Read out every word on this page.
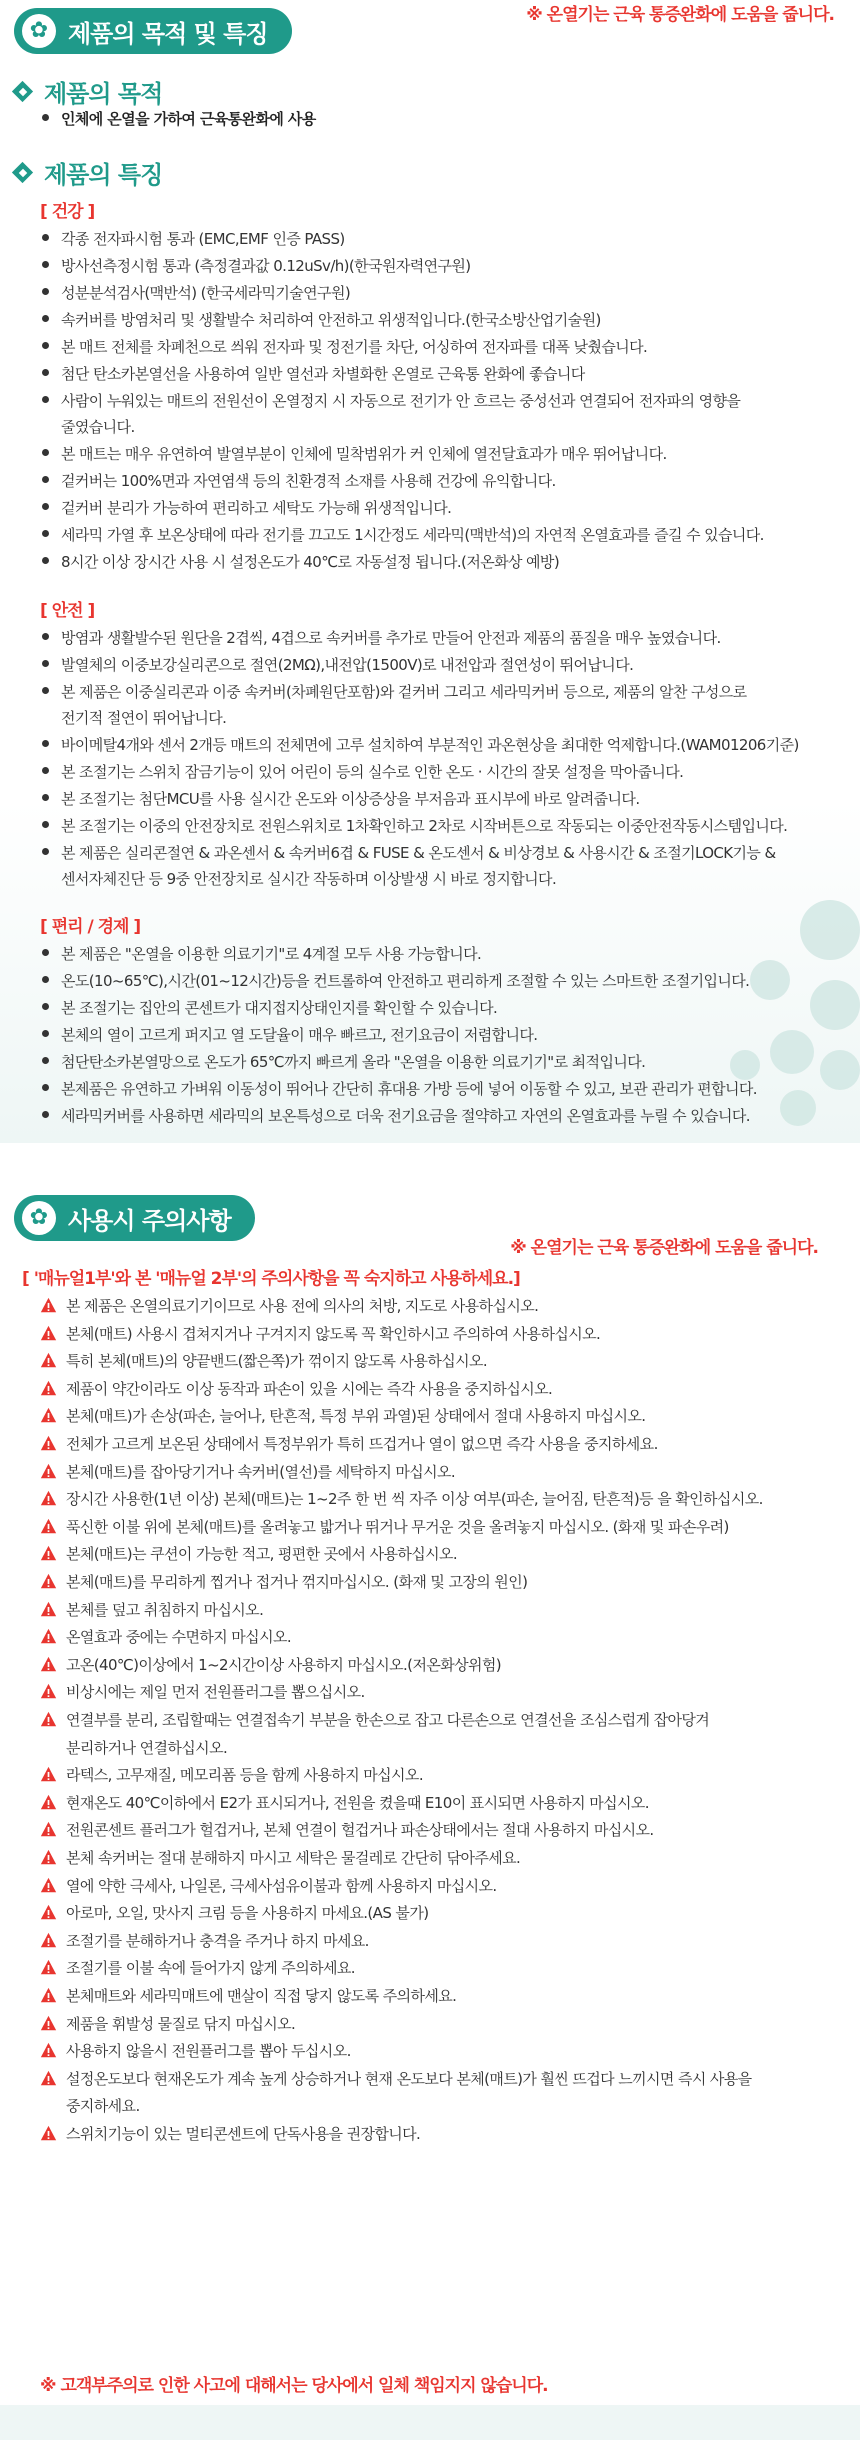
✿ 제품의 목적 및 특징
※ 온열기는 근육 통증완화에 도움을 줍니다.
제품의 목적
인체에 온열을 가하여 근육통완화에 사용
제품의 특징
[ 건강 ]
각종 전자파시험 통과 (EMC,EMF 인증 PASS)
방사선측정시험 통과 (측정결과값 0.12uSv/h)(한국원자력연구원)
성분분석검사(맥반석) (한국세라믹기술연구원)
속커버를 방염처리 및 생활발수 처리하여 안전하고 위생적입니다.(한국소방산업기술원)
본 매트 전체를 차폐천으로 씌워 전자파 및 정전기를 차단, 어싱하여 전자파를 대폭 낮췄습니다.
첨단 탄소카본열선을 사용하여 일반 열선과 차별화한 온열로 근육통 완화에 좋습니다
사람이 누워있는 매트의 전원선이 온열정지 시 자동으로 전기가 안 흐르는 중성선과 연결되어 전자파의 영향을
줄였습니다.
본 매트는 매우 유연하여 발열부분이 인체에 밀착범위가 커 인체에 열전달효과가 매우 뛰어납니다.
겉커버는 100%면과 자연염색 등의 친환경적 소재를 사용해 건강에 유익합니다.
겉커버 분리가 가능하여 편리하고 세탁도 가능해 위생적입니다.
세라믹 가열 후 보온상태에 따라 전기를 끄고도 1시간정도 세라믹(맥반석)의 자연적 온열효과를 즐길 수 있습니다.
8시간 이상 장시간 사용 시 설정온도가 40℃로 자동설정 됩니다.(저온화상 예방)
[ 안전 ]
방염과 생활발수된 원단을 2겹씩, 4겹으로 속커버를 추가로 만들어 안전과 제품의 품질을 매우 높였습니다.
발열체의 이중보강실리콘으로 절연(2MΩ),내전압(1500V)로 내전압과 절연성이 뛰어납니다.
본 제품은 이중실리콘과 이중 속커버(차폐원단포함)와 겉커버 그리고 세라믹커버 등으로, 제품의 알찬 구성으로
전기적 절연이 뛰어납니다.
바이메탈4개와 센서 2개등 매트의 전체면에 고루 설치하여 부분적인 과온현상을 최대한 억제합니다.(WAM01206기준)
본 조절기는 스위치 잠금기능이 있어 어린이 등의 실수로 인한 온도 · 시간의 잘못 설정을 막아줍니다.
본 조절기는 첨단MCU를 사용 실시간 온도와 이상증상을 부저음과 표시부에 바로 알려줍니다.
본 조절기는 이중의 안전장치로 전원스위치로 1차확인하고 2차로 시작버튼으로 작동되는 이중안전작동시스템입니다.
본 제품은 실리콘절연 & 과온센서 & 속커버6겹 & FUSE & 온도센서 & 비상경보 & 사용시간 & 조절기LOCK기능 &
센서자체진단 등 9중 안전장치로 실시간 작동하며 이상발생 시 바로 정지합니다.
[ 편리 / 경제 ]
본 제품은 "온열을 이용한 의료기기"로 4계절 모두 사용 가능합니다.
온도(10~65℃),시간(01~12시간)등을 컨트롤하여 안전하고 편리하게 조절할 수 있는 스마트한 조절기입니다.
본 조절기는 집안의 콘센트가 대지접지상태인지를 확인할 수 있습니다.
본체의 열이 고르게 퍼지고 열 도달율이 매우 빠르고, 전기요금이 저렴합니다.
첨단탄소카본열망으로 온도가 65℃까지 빠르게 올라 "온열을 이용한 의료기기"로 최적입니다.
본제품은 유연하고 가벼워 이동성이 뛰어나 간단히 휴대용 가방 등에 넣어 이동할 수 있고, 보관 관리가 편합니다.
세라믹커버를 사용하면 세라믹의 보온특성으로 더욱 전기요금을 절약하고 자연의 온열효과를 누릴 수 있습니다.
✿ 사용시 주의사항
※ 온열기는 근육 통증완화에 도움을 줍니다.
[ '매뉴얼1부'와 본 '매뉴얼 2부'의 주의사항을 꼭 숙지하고 사용하세요.]
본 제품은 온열의료기기이므로 사용 전에 의사의 처방, 지도로 사용하십시오.
본체(매트) 사용시 겹쳐지거나 구겨지지 않도록 꼭 확인하시고 주의하여 사용하십시오.
특히 본체(매트)의 양끝밴드(짧은쪽)가 꺾이지 않도록 사용하십시오.
제품이 약간이라도 이상 동작과 파손이 있을 시에는 즉각 사용을 중지하십시오.
본체(매트)가 손상(파손, 늘어나, 탄흔적, 특정 부위 과열)된 상태에서 절대 사용하지 마십시오.
전체가 고르게 보온된 상태에서 특정부위가 특히 뜨겁거나 열이 없으면 즉각 사용을 중지하세요.
본체(매트)를 잡아당기거나 속커버(열선)를 세탁하지 마십시오.
장시간 사용한(1년 이상) 본체(매트)는 1~2주 한 번 씩 자주 이상 여부(파손, 늘어짐, 탄흔적)등 을 확인하십시오.
푹신한 이불 위에 본체(매트)를 올려놓고 밟거나 뛰거나 무거운 것을 올려놓지 마십시오. (화재 및 파손우려)
본체(매트)는 쿠션이 가능한 적고, 평편한 곳에서 사용하십시오.
본체(매트)를 무리하게 찝거나 접거나 꺾지마십시오. (화재 및 고장의 원인)
본체를 덮고 취침하지 마십시오.
온열효과 중에는 수면하지 마십시오.
고온(40℃)이상에서 1~2시간이상 사용하지 마십시오.(저온화상위험)
비상시에는 제일 먼저 전원플러그를 뽑으십시오.
연결부를 분리, 조립할때는 연결접속기 부분을 한손으로 잡고 다른손으로 연결선을 조심스럽게 잡아당겨
분리하거나 연결하십시오.
라텍스, 고무재질, 메모리폼 등을 함께 사용하지 마십시오.
현재온도 40℃이하에서 E2가 표시되거나, 전원을 켰을때 E10이 표시되면 사용하지 마십시오.
전원콘센트 플러그가 헐겁거나, 본체 연결이 헐겁거나 파손상태에서는 절대 사용하지 마십시오.
본체 속커버는 절대 분해하지 마시고 세탁은 물걸레로 간단히 닦아주세요.
열에 약한 극세사, 나일론, 극세사섬유이불과 함께 사용하지 마십시오.
아로마, 오일, 맛사지 크림 등을 사용하지 마세요.(AS 불가)
조절기를 분해하거나 충격을 주거나 하지 마세요.
조절기를 이불 속에 들어가지 않게 주의하세요.
본체매트와 세라믹매트에 맨살이 직접 닿지 않도록 주의하세요.
제품을 휘발성 물질로 닦지 마십시오.
사용하지 않을시 전원플러그를 뽑아 두십시오.
설정온도보다 현재온도가 계속 높게 상승하거나 현재 온도보다 본체(매트)가 훨씬 뜨겁다 느끼시면 즉시 사용을
중지하세요.
스위치기능이 있는 멀티콘센트에 단독사용을 권장합니다.
※ 고객부주의로 인한 사고에 대해서는 당사에서 일체 책임지지 않습니다.
